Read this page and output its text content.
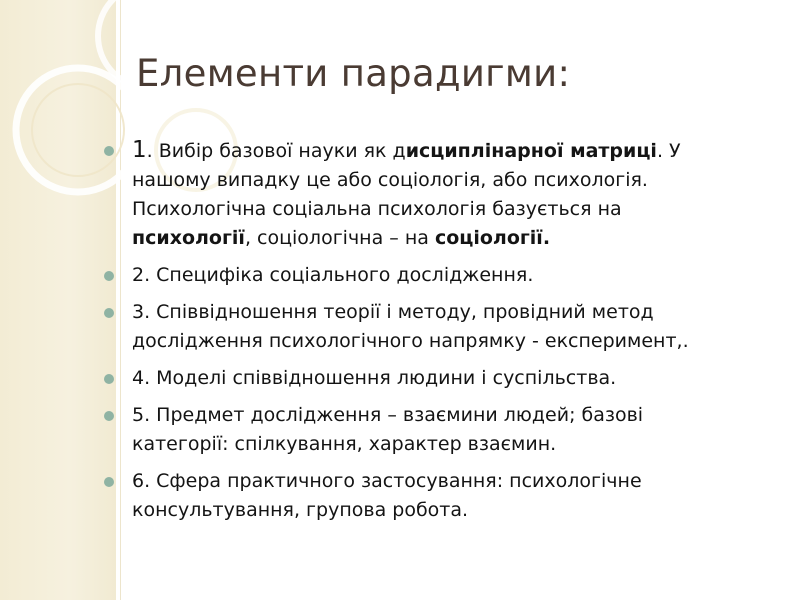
Елементи парадигми:
1. Вибір базової науки як дисциплінарної матриці. У нашому випадку це або соціологія, або психологія. Психологічна соціальна психологія базується на психології, соціологічна – на соціології.
2. Специфіка соціального дослідження.
3. Співвідношення теорії і методу, провідний метод дослідження психологічного напрямку - експеримент,.
4. Моделі співвідношення людини і суспільства.
5. Предмет дослідження – взаємини людей; базові категорії: спілкування, характер взаємин.
6. Сфера практичного застосування: психологічне консультування, групова робота.
